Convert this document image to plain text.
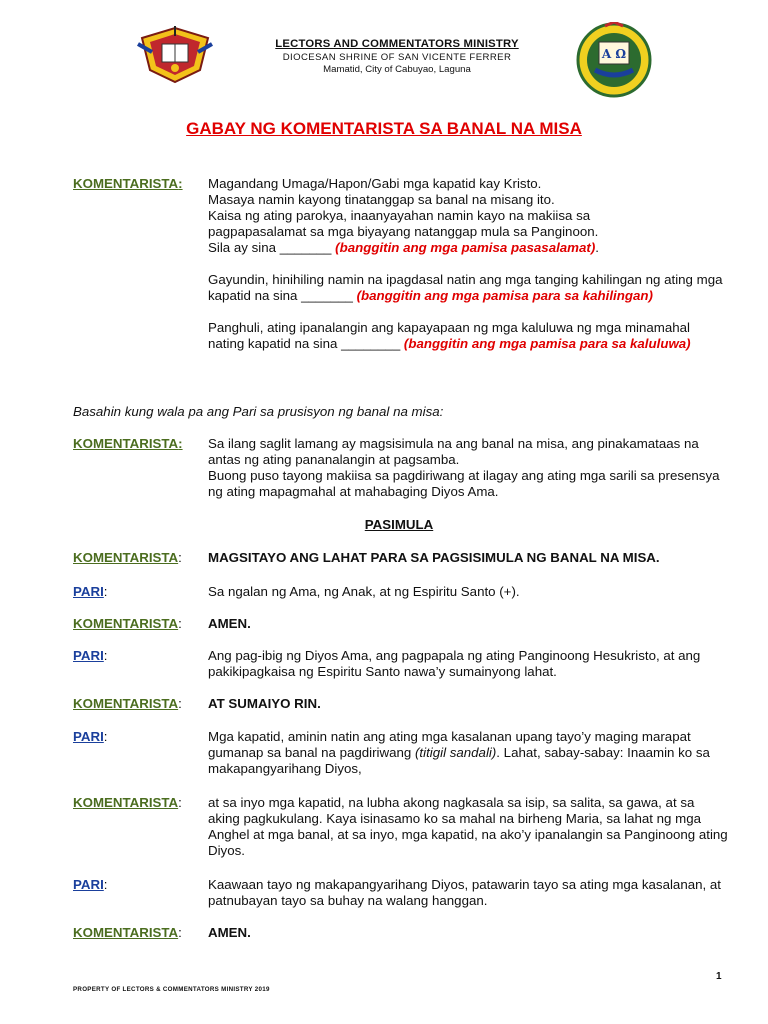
A Ω
LECTORS AND COMMENTATORS MINISTRY
DIOCESAN SHRINE OF SAN VICENTE FERRER
Mamatid, City of Cabuyao, Laguna
GABAY NG KOMENTARISTA SA BANAL NA MISA
KOMENTARISTA:	Magandang Umaga/Hapon/Gabi mga kapatid kay Kristo.

Masaya namin kayong tinatanggap sa banal na misang ito.

Kaisa ng ating parokya, inaanyayahan namin kayo na makiisa sa

pagpapasalamat sa mga biyayang natanggap mula sa Panginoon.

Sila ay sina _______ (banggitin ang mga pamisa pasasalamat).

Gayundin, hinihiling namin na ipagdasal natin ang mga tanging kahilingan ng ating mga kapatid na sina _______ (banggitin ang mga pamisa para sa kahilingan)

Panghuli, ating ipanalangin ang kapayapaan ng mga kaluluwa ng mga minamahal nating kapatid na sina ________ (banggitin ang mga pamisa para sa kaluluwa)

Basahin kung wala pa ang Pari sa prusisyon ng banal na misa:
KOMENTARISTA:	Sa ilang saglit lamang ay magsisimula na ang banal na misa, ang pinakamataas na antas ng ating pananalangin at pagsamba.

Buong puso tayong makiisa sa pagdiriwang at ilagay ang ating mga sarili sa presensya ng ating mapagmahal at mahabaging Diyos Ama.

PASIMULA
KOMENTARISTA:	MAGSITAYO ANG LAHAT PARA SA PAGSISIMULA NG BANAL NA MISA.
PARI:	Sa ngalan ng Ama, ng Anak, at ng Espiritu Santo (+).
KOMENTARISTA:	AMEN.
PARI:	Ang pag-ibig ng Diyos Ama, ang pagpapala ng ating Panginoong Hesukristo, at ang pakikipagkaisa ng Espiritu Santo nawa’y sumainyong lahat.
KOMENTARISTA:	AT SUMAIYO RIN.
PARI:	Mga kapatid, aminin natin ang ating mga kasalanan upang tayo’y maging marapat gumanap sa banal na pagdiriwang (titigil sandali). Lahat, sabay-sabay: Inaamin ko sa makapangyarihang Diyos,
KOMENTARISTA:	at sa inyo mga kapatid, na lubha akong nagkasala sa isip, sa salita, sa gawa, at sa aking pagkukulang. Kaya isinasamo ko sa mahal na birheng Maria, sa lahat ng mga Anghel at mga banal, at sa inyo, mga kapatid, na ako’y ipanalangin sa Panginoong ating Diyos.
PARI:	Kaawaan tayo ng makapangyarihang Diyos, patawarin tayo sa ating mga kasalanan, at patnubayan tayo sa buhay na walang hanggan.
KOMENTARISTA:	AMEN.
1
PROPERTY OF LECTORS & COMMENTATORS MINISTRY 2019
